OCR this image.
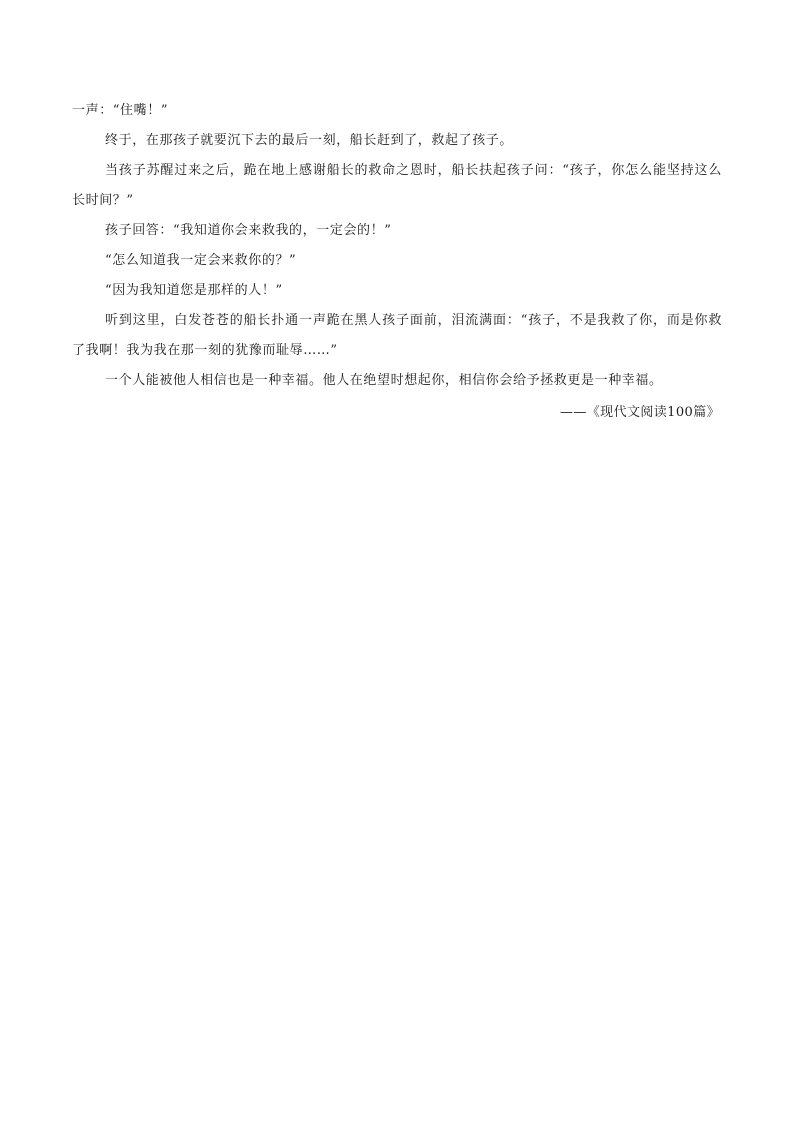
一声：“住嘴！”

终于，在那孩子就要沉下去的最后一刻，船长赶到了，救起了孩子。

当孩子苏醒过来之后，跪在地上感谢船长的救命之恩时，船长扶起孩子问：“孩子，你怎么能坚持这么长时间？”

孩子回答：“我知道你会来救我的，一定会的！”

“怎么知道我一定会来救你的？”

“因为我知道您是那样的人！”

听到这里，白发苍苍的船长扑通一声跪在黑人孩子面前，泪流满面：“孩子，不是我救了你，而是你救了我啊！我为我在那一刻的犹豫而耻辱……”

一个人能被他人相信也是一种幸福。他人在绝望时想起你，相信你会给予拯救更是一种幸福。

——《现代文阅读100篇》
